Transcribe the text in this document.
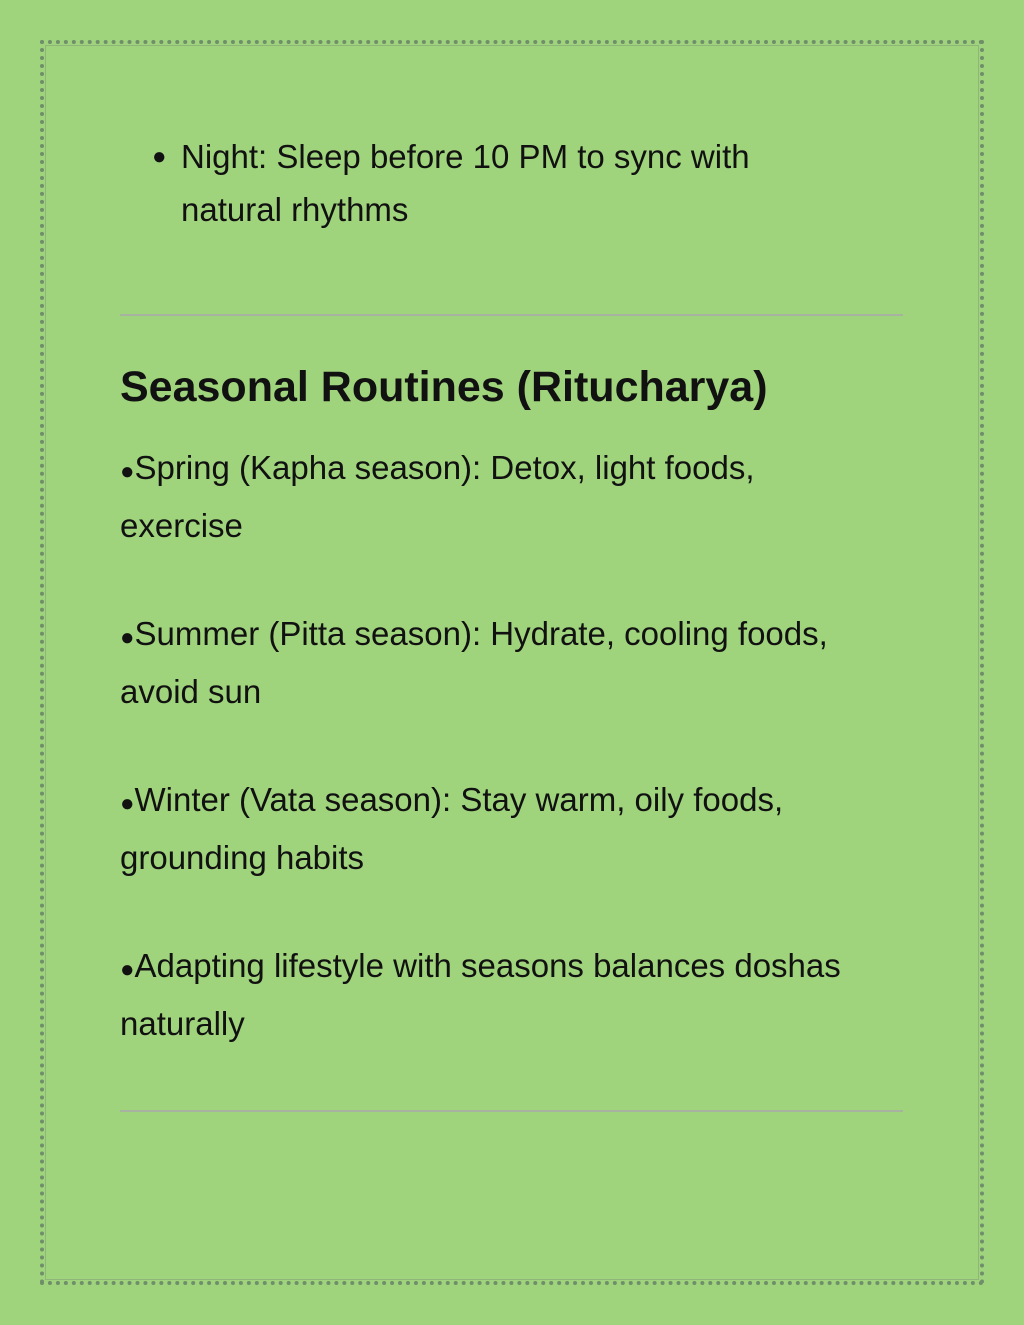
● Night: Sleep before 10 PM to sync with natural rhythms
Seasonal Routines (Ritucharya)
●Spring (Kapha season): Detox, light foods, exercise
●Summer (Pitta season): Hydrate, cooling foods, avoid sun
●Winter (Vata season): Stay warm, oily foods, grounding habits
●Adapting lifestyle with seasons balances doshas naturally
